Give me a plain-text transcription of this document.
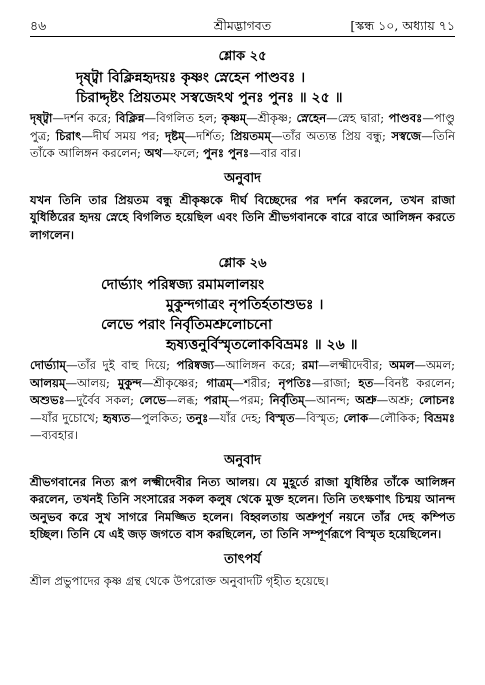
৪৬	শ্রীমদ্ভাগবত	[স্কন্ধ ১০, অধ্যায় ৭১
শ্লোক ২৫
দৃষ্ট্বা বিক্লিন্নহৃদয়ঃ কৃষ্ণং স্নেহেন পাণ্ডবঃ ।
চিরাদ্দৃষ্টং প্রিয়তমং সস্বজেঽথ পুনঃ পুনঃ ॥ ২৫ ॥
দৃষ্ট্বা—দর্শন করে; বিক্লিন্ন—বিগলিত হল; কৃষ্ণম্—শ্রীকৃষ্ণ; স্নেহেন—স্নেহ দ্বারা; পাণ্ডবঃ—পাণ্ডু পুত্র; চিরাৎ—দীর্ঘ সময় পর; দৃষ্টম্—দর্শিত; প্রিয়তমম্—তাঁর অত্যন্ত প্রিয় বন্ধু; সস্বজে—তিনি তাঁকে আলিঙ্গন করলেন; অথ—ফলে; পুনঃ পুনঃ—বার বার।
অনুবাদ
যখন তিনি তার প্রিয়তম বন্ধু শ্রীকৃষ্ণকে দীর্ঘ বিচ্ছেদের পর দর্শন করলেন, তখন রাজা যুধিষ্ঠিরের হৃদয় স্নেহে বিগলিত হয়েছিল এবং তিনি শ্রীভগবানকে বারে বারে আলিঙ্গন করতে লাগলেন।
শ্লোক ২৬
দোর্ভ্যাং পরিষ্বজ্য রমামলালয়ং
মুকুন্দগাত্রং নৃপতির্হতাশুভঃ ।
লেভে পরাং নির্বৃতিমশ্রুলোচনো
হৃষ্যত্তনুর্বিস্মৃতলোকবিভ্রমঃ ॥ ২৬ ॥
দোর্ভ্যাম্—তাঁর দুই বাহু দিয়ে; পরিষ্বজ্য—আলিঙ্গন করে; রমা—লক্ষ্মীদেবীর; অমল—অমল; আলয়ম্—আলয়; মুকুন্দ—শ্রীকৃষ্ণের; গাত্রম্—শরীর; নৃপতিঃ—রাজা; হত—বিনষ্ট করলেন; অশুভঃ—দুর্বৈব সকল; লেভে—লব্ধ; পরাম্—পরম; নির্বৃতিম্—আনন্দ; অশ্রু—অশ্রু; লোচনঃ—যাঁর দুচোখে; হৃষ্যত—পুলকিত; তনুঃ—যাঁর দেহ; বিস্মৃত—বিস্মৃত; লোক—লৌকিক; বিভ্রমঃ—ব্যবহার।
অনুবাদ
শ্রীভগবানের নিত্য রূপ লক্ষ্মীদেবীর নিত্য আলয়। যে মুহূর্তে রাজা যুধিষ্ঠির তাঁকে আলিঙ্গন করলেন, তখনই তিনি সংসারের সকল কলুষ থেকে মুক্ত হলেন। তিনি তৎক্ষণাৎ চিন্ময় আনন্দ অনুভব করে সুখ সাগরে নিমজ্জিত হলেন। বিহ্বলতায় অশ্রুপূর্ণ নয়নে তাঁর দেহ কম্পিত হচ্ছিল। তিনি যে এই জড় জগতে বাস করছিলেন, তা তিনি সম্পূর্ণরূপে বিস্মৃত হয়েছিলেন।
তাৎপর্য
শ্রীল প্রভুপাদের কৃষ্ণ গ্রন্থ থেকে উপরোক্ত অনুবাদটি গৃহীত হয়েছে।
